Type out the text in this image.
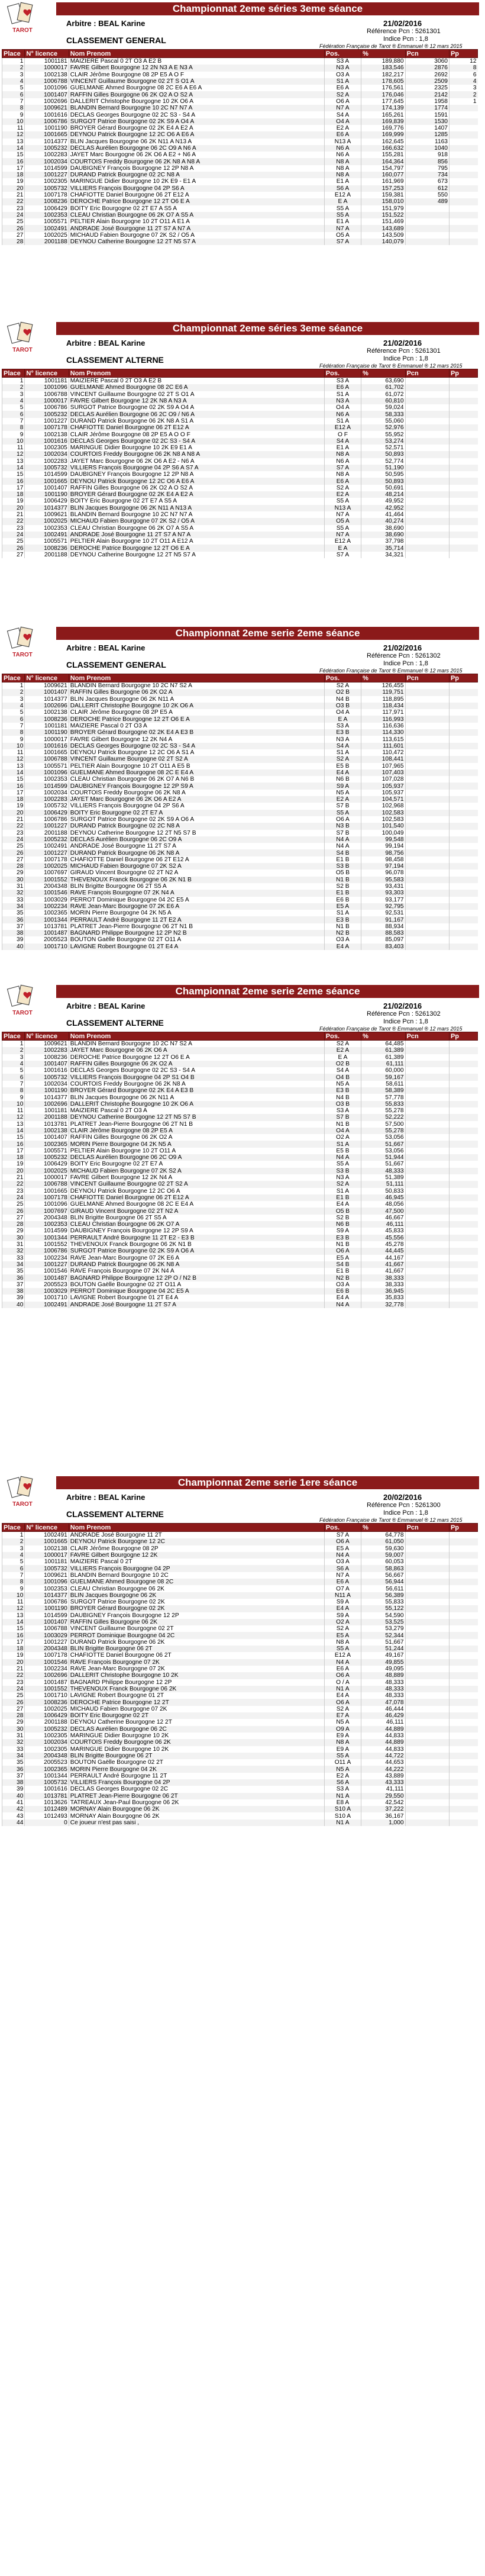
TAROT
Championnat 2eme séries 3eme séance
Arbitre : BEAL Karine	21/02/2016
Référence Pcn : 5261301
Indice Pcn : 1,8
CLASSEMENT GENERAL
Fédération Française de Tarot ® Emmanuel ® 12 mars 2015
Place	N° licence	Nom Prenom	Pos.	%	Pcn	Pp
1	1001181	MAIZIERE Pascal 0 2T O3 A E2 B	S3 A	189,880	3060	12
2	1000017	FAVRE Gilbert Bourgogne 12 2N N3 A E N3 A	N3 A	183,546	2876	8
3	1002138	CLAIR Jérôme Bourgogne 08 2P E5 A O F	O3 A	182,217	2692	6
4	1006788	VINCENT Guillaume Bourgogne 02 2T S O1 A	S1 A	178,605	2509	4
5	1001096	GUELMANE Ahmed Bourgogne 08 2C E6 A E6 A	E6 A	176,561	2325	3
6	1001407	RAFFIN Gilles Bourgogne 06 2K O2 A O S2 A	S2 A	176,046	2142	2
7	1002696	DALLERIT Christophe Bourgogne 10 2K O6 A	O6 A	177,645	1958	1
8	1009621	BLANDIN Bernard Bourgogne 10 2C N7 N7 A	N7 A	174,139	1774	
9	1001616	DECLAS Georges Bourgogne 02 2C S3 - S4 A	S4 A	165,261	1591	
10	1006786	SURGOT Patrice Bourgogne 02 2K S9 A O4 A	O4 A	169,839	1530	
11	1001190	BROYER Gérard Bourgogne 02 2K E4 A E2 A	E2 A	169,776	1407	
12	1001665	DEYNOU Patrick Bourgogne 12 2C O6 A E6 A	E6 A	169,999	1285	
13	1014377	BLIN Jacques Bourgogne 06 2K N11 A N13 A	N13 A	162,645	1163	
14	1005232	DECLAS Aurélien Bourgogne 06 2C O9 A N6 A	N6 A	166,632	1040	
15	1002283	JAYET Marc Bourgogne 06 2K O6 A E2 + N6 A	N6 A	155,281	918	
16	1002034	COURTOIS Freddy Bourgogne 06 2K N8 A N8 A	N8 A	164,364	856	
17	1014599	DAUBIGNEY François Bourgogne 12 2P N8 A	N8 A	154,797	795	
18	1001227	DURAND Patrick Bourgogne 02 2C N8 A	N8 A	160,077	734	
19	1002305	MARINGUE Didier Bourgogne 10 2K E9 - E1 A	E1 A	161,969	673	
20	1005732	VILLIERS François Bourgogne 04 2P S6 A	S6 A	157,253	612	
21	1007178	CHAFIOTTE Daniel Bourgogne 06 2T E12 A	E12 A	159,381	550	
22	1008236	DEROCHE Patrice Bourgogne 12 2T O6 E A	E A	158,010	489	
23	1006429	BOITY Eric Bourgogne 02 2T E7 A S5 A	S5 A	151,979		
24	1002353	CLEAU Christian Bourgogne 06 2K O7 A S5 A	S5 A	151,522		
25	1005571	PELTIER Alain Bourgogne 10 2T O11 A E1 A	E1 A	151,469		
26	1002491	ANDRADE José Bourgogne 11 2T S7 A N7 A	N7 A	143,689		
27	1002025	MICHAUD Fabien Bourgogne 07 2K S2 / O5 A	O5 A	143,509		
28	2001188	DEYNOU Catherine Bourgogne 12 2T N5 S7 A	S7 A	140,079		
TAROT
Championnat 2eme séries 3eme séance
Arbitre : BEAL Karine	21/02/2016
Référence Pcn : 5261301
Indice Pcn : 1,8
CLASSEMENT ALTERNE
Fédération Française de Tarot ® Emmanuel ® 12 mars 2015
Place	N° licence	Nom Prenom	Pos.	%	Pcn	Pp
1	1001181	MAIZIERE Pascal 0 2T O3 A E2 B	S3 A	63,690		
2	1001096	GUELMANE Ahmed Bourgogne 08 2C E6 A	E6 A	61,702		
3	1006788	VINCENT Guillaume Bourgogne 02 2T S O1 A	S1 A	61,072		
4	1000017	FAVRE Gilbert Bourgogne 12 2K N8 A N3 A	N3 A	60,810		
5	1006786	SURGOT Patrice Bourgogne 02 2K S9 A O4 A	O4 A	59,024		
6	1005232	DECLAS Aurélien Bourgogne 06 2C O9 / N6 A	N6 A	58,333		
7	1001227	DURAND Patrick Bourgogne 06 2K N8 A S1 A	S1 A	55,060		
8	1007178	CHAFIOTTE Daniel Bourgogne 06 2T E12 A	E12 A	52,976		
9	1002138	CLAIR Jérôme Bourgogne 08 2P E5 A O O F	O F	55,952		
10	1001616	DECLAS Georges Bourgogne 02 2C S3 - S4 A	S4 A	53,274		
11	1002305	MARINGUE Didier Bourgogne 10 2K E9 E1 A	E1 A	52,571		
12	1002034	COURTOIS Freddy Bourgogne 06 2K N8 A N8 A	N8 A	50,893		
13	1002283	JAYET Marc Bourgogne 06 2K O6 A E2 - N6 A	N6 A	52,774		
14	1005732	VILLIERS François Bourgogne 04 2P S6 A S7 A	S7 A	51,190		
15	1014599	DAUBIGNEY François Bourgogne 12 2P N8 A	N8 A	50,595		
16	1001665	DEYNOU Patrick Bourgogne 12 2C O6 A E6 A	E6 A	50,893		
17	1001407	RAFFIN Gilles Bourgogne 06 2K O2 A O S2 A	S2 A	50,691		
18	1001190	BROYER Gérard Bourgogne 02 2K E4 A E2 A	E2 A	48,214		
19	1006429	BOITY Eric Bourgogne 02 2T E7 A S5 A	S5 A	49,952		
20	1014377	BLIN Jacques Bourgogne 06 2K N11 A N13 A	N13 A	42,952		
21	1009621	BLANDIN Bernard Bourgogne 10 2C N7 N7 A	N7 A	41,464		
22	1002025	MICHAUD Fabien Bourgogne 07 2K S2 / O5 A	O5 A	40,274		
23	1002353	CLEAU Christian Bourgogne 06 2K O7 A S5 A	S5 A	38,690		
24	1002491	ANDRADE José Bourgogne 11 2T S7 A N7 A	N7 A	38,690		
25	1005571	PELTIER Alain Bourgogne 10 2T O11 A E12 A	E12 A	37,798		
26	1008236	DEROCHE Patrice Bourgogne 12 2T O6 E A	E A	35,714		
27	2001188	DEYNOU Catherine Bourgogne 12 2T N5 S7 A	S7 A	34,321		
TAROT
Championnat 2eme serie 2eme séance
Arbitre : BEAL Karine	21/02/2016
Référence Pcn : 5261302
Indice Pcn : 1,8
CLASSEMENT GENERAL
Fédération Française de Tarot ® Emmanuel ® 12 mars 2015
Place	N° licence	Nom Prenom	Pos.	%	Pcn	Pp
1	1009621	BLANDIN Bernard Bourgogne 10 2C N7 S2 A	S2 A	126,455		
2	1001407	RAFFIN Gilles Bourgogne 06 2K O2 A	O2 B	119,751		
3	1014377	BLIN Jacques Bourgogne 06 2K N11 A	N4 B	118,895		
4	1002696	DALLERIT Christophe Bourgogne 10 2K O6 A	O3 B	118,434		
5	1002138	CLAIR Jérôme Bourgogne 08 2P E5 A	O4 A	117,971		
6	1008236	DEROCHE Patrice Bourgogne 12 2T O6 E A	E A	116,993		
7	1001181	MAIZIERE Pascal 0 2T O3 A	S3 A	116,636		
8	1001190	BROYER Gérard Bourgogne 02 2K E4 A E3 B	E3 B	114,330		
9	1000017	FAVRE Gilbert Bourgogne 12 2K N4 A	N3 A	113,615		
10	1001616	DECLAS Georges Bourgogne 02 2C S3 - S4 A	S4 A	111,601		
11	1001665	DEYNOU Patrick Bourgogne 12 2C O6 A S1 A	S1 A	110,472		
12	1006788	VINCENT Guillaume Bourgogne 02 2T S2 A	S2 A	108,441		
13	1005571	PELTIER Alain Bourgogne 10 2T O11 A E5 B	E5 B	107,965		
14	1001096	GUELMANE Ahmed Bourgogne 08 2C E E4 A	E4 A	107,403		
15	1002353	CLEAU Christian Bourgogne 06 2K O7 A N6 B	N6 B	107,028		
16	1014599	DAUBIGNEY François Bourgogne 12 2P S9 A	S9 A	105,937		
17	1002034	COURTOIS Freddy Bourgogne 06 2K N8 A	N5 A	105,937		
18	1002283	JAYET Marc Bourgogne 06 2K O6 A E2 A	E2 A	104,571		
19	1005732	VILLIERS François Bourgogne 04 2P S6 A	S7 B	102,968		
20	1006429	BOITY Eric Bourgogne 02 2T E7 A	S5 A	102,583		
21	1006786	SURGOT Patrice Bourgogne 02 2K S9 A O6 A	O6 A	102,583		
22	1001227	DURAND Patrick Bourgogne 02 2C N8 A	N3 B	101,540		
23	2001188	DEYNOU Catherine Bourgogne 12 2T N5 S7 B	S7 B	100,049		
24	1005232	DECLAS Aurélien Bourgogne 06 2C O9 A	N4 A	99,548		
25	1002491	ANDRADE José Bourgogne 11 2T S7 A	N4 A	99,194		
26	1001227	DURAND Patrick Bourgogne 06 2K N8 A	S4 B	98,756		
27	1007178	CHAFIOTTE Daniel Bourgogne 06 2T E12 A	E1 B	98,458		
28	1002025	MICHAUD Fabien Bourgogne 07 2K S2 A	S3 B	97,194		
29	1007697	GIRAUD Vincent Bourgogne 02 2T N2 A	O5 B	96,078		
30	1001552	THEVENOUX Franck Bourgogne 06 2K N1 B	N1 B	95,583		
31	2004348	BLIN Brigitte Bourgogne 06 2T S5 A	S2 B	93,431		
32	1001546	RAVE François Bourgogne 07 2K N4 A	E1 B	93,303		
33	1003029	PERROT Dominique Bourgogne 04 2C E5 A	E6 B	93,177		
34	1002234	RAVE Jean-Marc Bourgogne 07 2K E6 A	E5 A	92,795		
35	1002365	MORIN Pierre Bourgogne 04 2K N5 A	S1 A	92,531		
36	1001344	PERRAULT André Bourgogne 11 2T E2 A	E3 B	91,167		
37	1013781	PLATRET Jean-Pierre Bourgogne 06 2T N1 B	N1 B	88,934		
38	1001487	BAGNARD Philippe Bourgogne 12 2P N2 B	N2 B	88,583		
39	2005523	BOUTON Gaëlle Bourgogne 02 2T O11 A	O3 A	85,097		
40	1001710	LAVIGNE Robert Bourgogne 01 2T E4 A	E4 A	83,403		
TAROT
Championnat 2eme serie 2eme séance
Arbitre : BEAL Karine	21/02/2016
Référence Pcn : 5261302
Indice Pcn : 1,8
CLASSEMENT ALTERNE
Fédération Française de Tarot ® Emmanuel ® 12 mars 2015
Place	N° licence	Nom Prenom	Pos.	%	Pcn	Pp
1	1009621	BLANDIN Bernard Bourgogne 10 2C N7 S2 A	S2 A	64,485		
2	1002283	JAYET Marc Bourgogne 06 2K O6 A	E2 A	61,389		
3	1008236	DEROCHE Patrice Bourgogne 12 2T O6 E A	E A	61,389		
4	1001407	RAFFIN Gilles Bourgogne 06 2K O2 A	O2 B	61,111		
5	1001616	DECLAS Georges Bourgogne 02 2C S3 - S4 A	S4 A	60,000		
6	1005732	VILLIERS François Bourgogne 04 2P S1 O4 B	O4 B	59,167		
7	1002034	COURTOIS Freddy Bourgogne 06 2K N8 A	N5 A	58,611		
8	1001190	BROYER Gérard Bourgogne 02 2K E4 A E3 B	E3 B	58,389		
9	1014377	BLIN Jacques Bourgogne 06 2K N11 A	N4 B	57,778		
10	1002696	DALLERIT Christophe Bourgogne 10 2K O6 A	O3 B	55,833		
11	1001181	MAIZIERE Pascal 0 2T O3 A	S3 A	55,278		
12	2001188	DEYNOU Catherine Bourgogne 12 2T N5 S7 B	S7 B	52,222		
13	1013781	PLATRET Jean-Pierre Bourgogne 06 2T N1 B	N1 B	57,500		
14	1002138	CLAIR Jérôme Bourgogne 08 2P E5 A	O4 A	55,278		
15	1001407	RAFFIN Gilles Bourgogne 06 2K O2 A	O2 A	53,056		
16	1002365	MORIN Pierre Bourgogne 04 2K N5 A	S1 A	51,667		
17	1005571	PELTIER Alain Bourgogne 10 2T O11 A	E5 B	53,056		
18	1005232	DECLAS Aurélien Bourgogne 06 2C O9 A	N4 A	51,944		
19	1006429	BOITY Eric Bourgogne 02 2T E7 A	S5 A	51,667		
20	1002025	MICHAUD Fabien Bourgogne 07 2K S2 A	S3 B	48,333		
21	1000017	FAVRE Gilbert Bourgogne 12 2K N4 A	N3 A	51,389		
22	1006788	VINCENT Guillaume Bourgogne 02 2T S2 A	S2 A	51,111		
23	1001665	DEYNOU Patrick Bourgogne 12 2C O6 A	S1 A	50,833		
24	1007178	CHAFIOTTE Daniel Bourgogne 06 2T E12 A	E1 B	46,945		
25	1001096	GUELMANE Ahmed Bourgogne 08 2C E E4 A	E4 A	48,056		
26	1007697	GIRAUD Vincent Bourgogne 02 2T N2 A	O5 B	47,500		
27	2004348	BLIN Brigitte Bourgogne 06 2T S5 A	S2 B	46,667		
28	1002353	CLEAU Christian Bourgogne 06 2K O7 A	N6 B	46,111		
29	1014599	DAUBIGNEY François Bourgogne 12 2P S9 A	S9 A	45,833		
30	1001344	PERRAULT André Bourgogne 11 2T E2 - E3 B	E3 B	45,556		
31	1001552	THEVENOUX Franck Bourgogne 06 2K N1 B	N1 B	45,278		
32	1006786	SURGOT Patrice Bourgogne 02 2K S9 A O6 A	O6 A	44,445		
33	1002234	RAVE Jean-Marc Bourgogne 07 2K E6 A	E5 A	44,167		
34	1001227	DURAND Patrick Bourgogne 06 2K N8 A	S4 B	41,667		
35	1001546	RAVE François Bourgogne 07 2K N4 A	E1 B	41,667		
36	1001487	BAGNARD Philippe Bourgogne 12 2P O / N2 B	N2 B	38,333		
37	2005523	BOUTON Gaëlle Bourgogne 02 2T O11 A	O3 A	38,333		
38	1003029	PERROT Dominique Bourgogne 04 2C E5 A	E6 B	36,945		
39	1001710	LAVIGNE Robert Bourgogne 01 2T E4 A	E4 A	35,833		
40	1002491	ANDRADE José Bourgogne 11 2T S7 A	N4 A	32,778		
TAROT
Championnat 2eme serie 1ere séance
Arbitre : BEAL Karine	20/02/2016
Référence Pcn : 5261300
Indice Pcn : 1,8
CLASSEMENT ALTERNE
Fédération Française de Tarot ® Emmanuel ® 12 mars 2015
Place	N° licence	Nom Prenom	Pos.	%	Pcn	Pp
1	1002491	ANDRADE José Bourgogne 11 2T	S7 A	64,778		
2	1001665	DEYNOU Patrick Bourgogne 12 2C	O6 A	61,050		
3	1002138	CLAIR Jérôme Bourgogne 08 2P	E5 A	59,630		
4	1000017	FAVRE Gilbert Bourgogne 12 2K	N4 A	59,007		
5	1001181	MAIZIERE Pascal 0 2T	O3 A	60,053		
6	1005732	VILLIERS François Bourgogne 04 2P	S6 A	58,863		
7	1009621	BLANDIN Bernard Bourgogne 10 2C	N7 A	56,667		
8	1001096	GUELMANE Ahmed Bourgogne 08 2C	E6 A	56,944		
9	1002353	CLEAU Christian Bourgogne 06 2K	O7 A	56,611		
10	1014377	BLIN Jacques Bourgogne 06 2K	N11 A	56,389		
11	1006786	SURGOT Patrice Bourgogne 02 2K	S9 A	55,833		
12	1001190	BROYER Gérard Bourgogne 02 2K	E4 A	55,122		
13	1014599	DAUBIGNEY François Bourgogne 12 2P	S9 A	54,590		
14	1001407	RAFFIN Gilles Bourgogne 06 2K	O2 A	53,525		
15	1006788	VINCENT Guillaume Bourgogne 02 2T	S2 A	53,279		
16	1003029	PERROT Dominique Bourgogne 04 2C	E5 A	52,344		
17	1001227	DURAND Patrick Bourgogne 06 2K	N8 A	51,667		
18	2004348	BLIN Brigitte Bourgogne 06 2T	S5 A	51,244		
19	1007178	CHAFIOTTE Daniel Bourgogne 06 2T	E12 A	49,167		
20	1001546	RAVE François Bourgogne 07 2K	N4 A	49,855		
21	1002234	RAVE Jean-Marc Bourgogne 07 2K	E6 A	49,095		
22	1002696	DALLERIT Christophe Bourgogne 10 2K	O6 A	48,889		
23	1001487	BAGNARD Philippe Bourgogne 12 2P	O / A	48,333		
24	1001552	THEVENOUX Franck Bourgogne 06 2K	N1 A	48,333		
25	1001710	LAVIGNE Robert Bourgogne 01 2T	E4 A	48,333		
26	1008236	DEROCHE Patrice Bourgogne 12 2T	O6 A	47,078		
27	1002025	MICHAUD Fabien Bourgogne 07 2K	S2 A	46,444		
28	1006429	BOITY Eric Bourgogne 02 2T	E7 A	46,429		
29	2001188	DEYNOU Catherine Bourgogne 12 2T	N5 A	46,111		
30	1005232	DECLAS Aurélien Bourgogne 06 2C	O9 A	44,889		
31	1002305	MARINGUE Didier Bourgogne 10 2K	E9 A	44,833		
32	1002034	COURTOIS Freddy Bourgogne 06 2K	N8 A	44,889		
33	1002305	MARINGUE Didier Bourgogne 10 2K	E9 A	44,833		
34	2004348	BLIN Brigitte Bourgogne 06 2T	S5 A	44,722		
35	2005523	BOUTON Gaëlle Bourgogne 02 2T	O11 A	44,653		
36	1002365	MORIN Pierre Bourgogne 04 2K	N5 A	44,222		
37	1001344	PERRAULT André Bourgogne 11 2T	E2 A	43,889		
38	1005732	VILLIERS François Bourgogne 04 2P	S6 A	43,333		
39	1001616	DECLAS Georges Bourgogne 02 2C	S3 A	41,111		
40	1013781	PLATRET Jean-Pierre Bourgogne 06 2T	N1 A	29,550		
41	1013626	TATREAUX Jean-Paul Bourgogne 06 2K	E8 A	42,542		
42	1012489	MORNAY Alain Bourgogne 06 2K	S10 A	37,222		
43	1012493	MORNAY Alain Bourgogne 06 2K	S10 A	36,167		
44	0	Ce joueur n'est pas saisi ,	N1 A	1,000		
